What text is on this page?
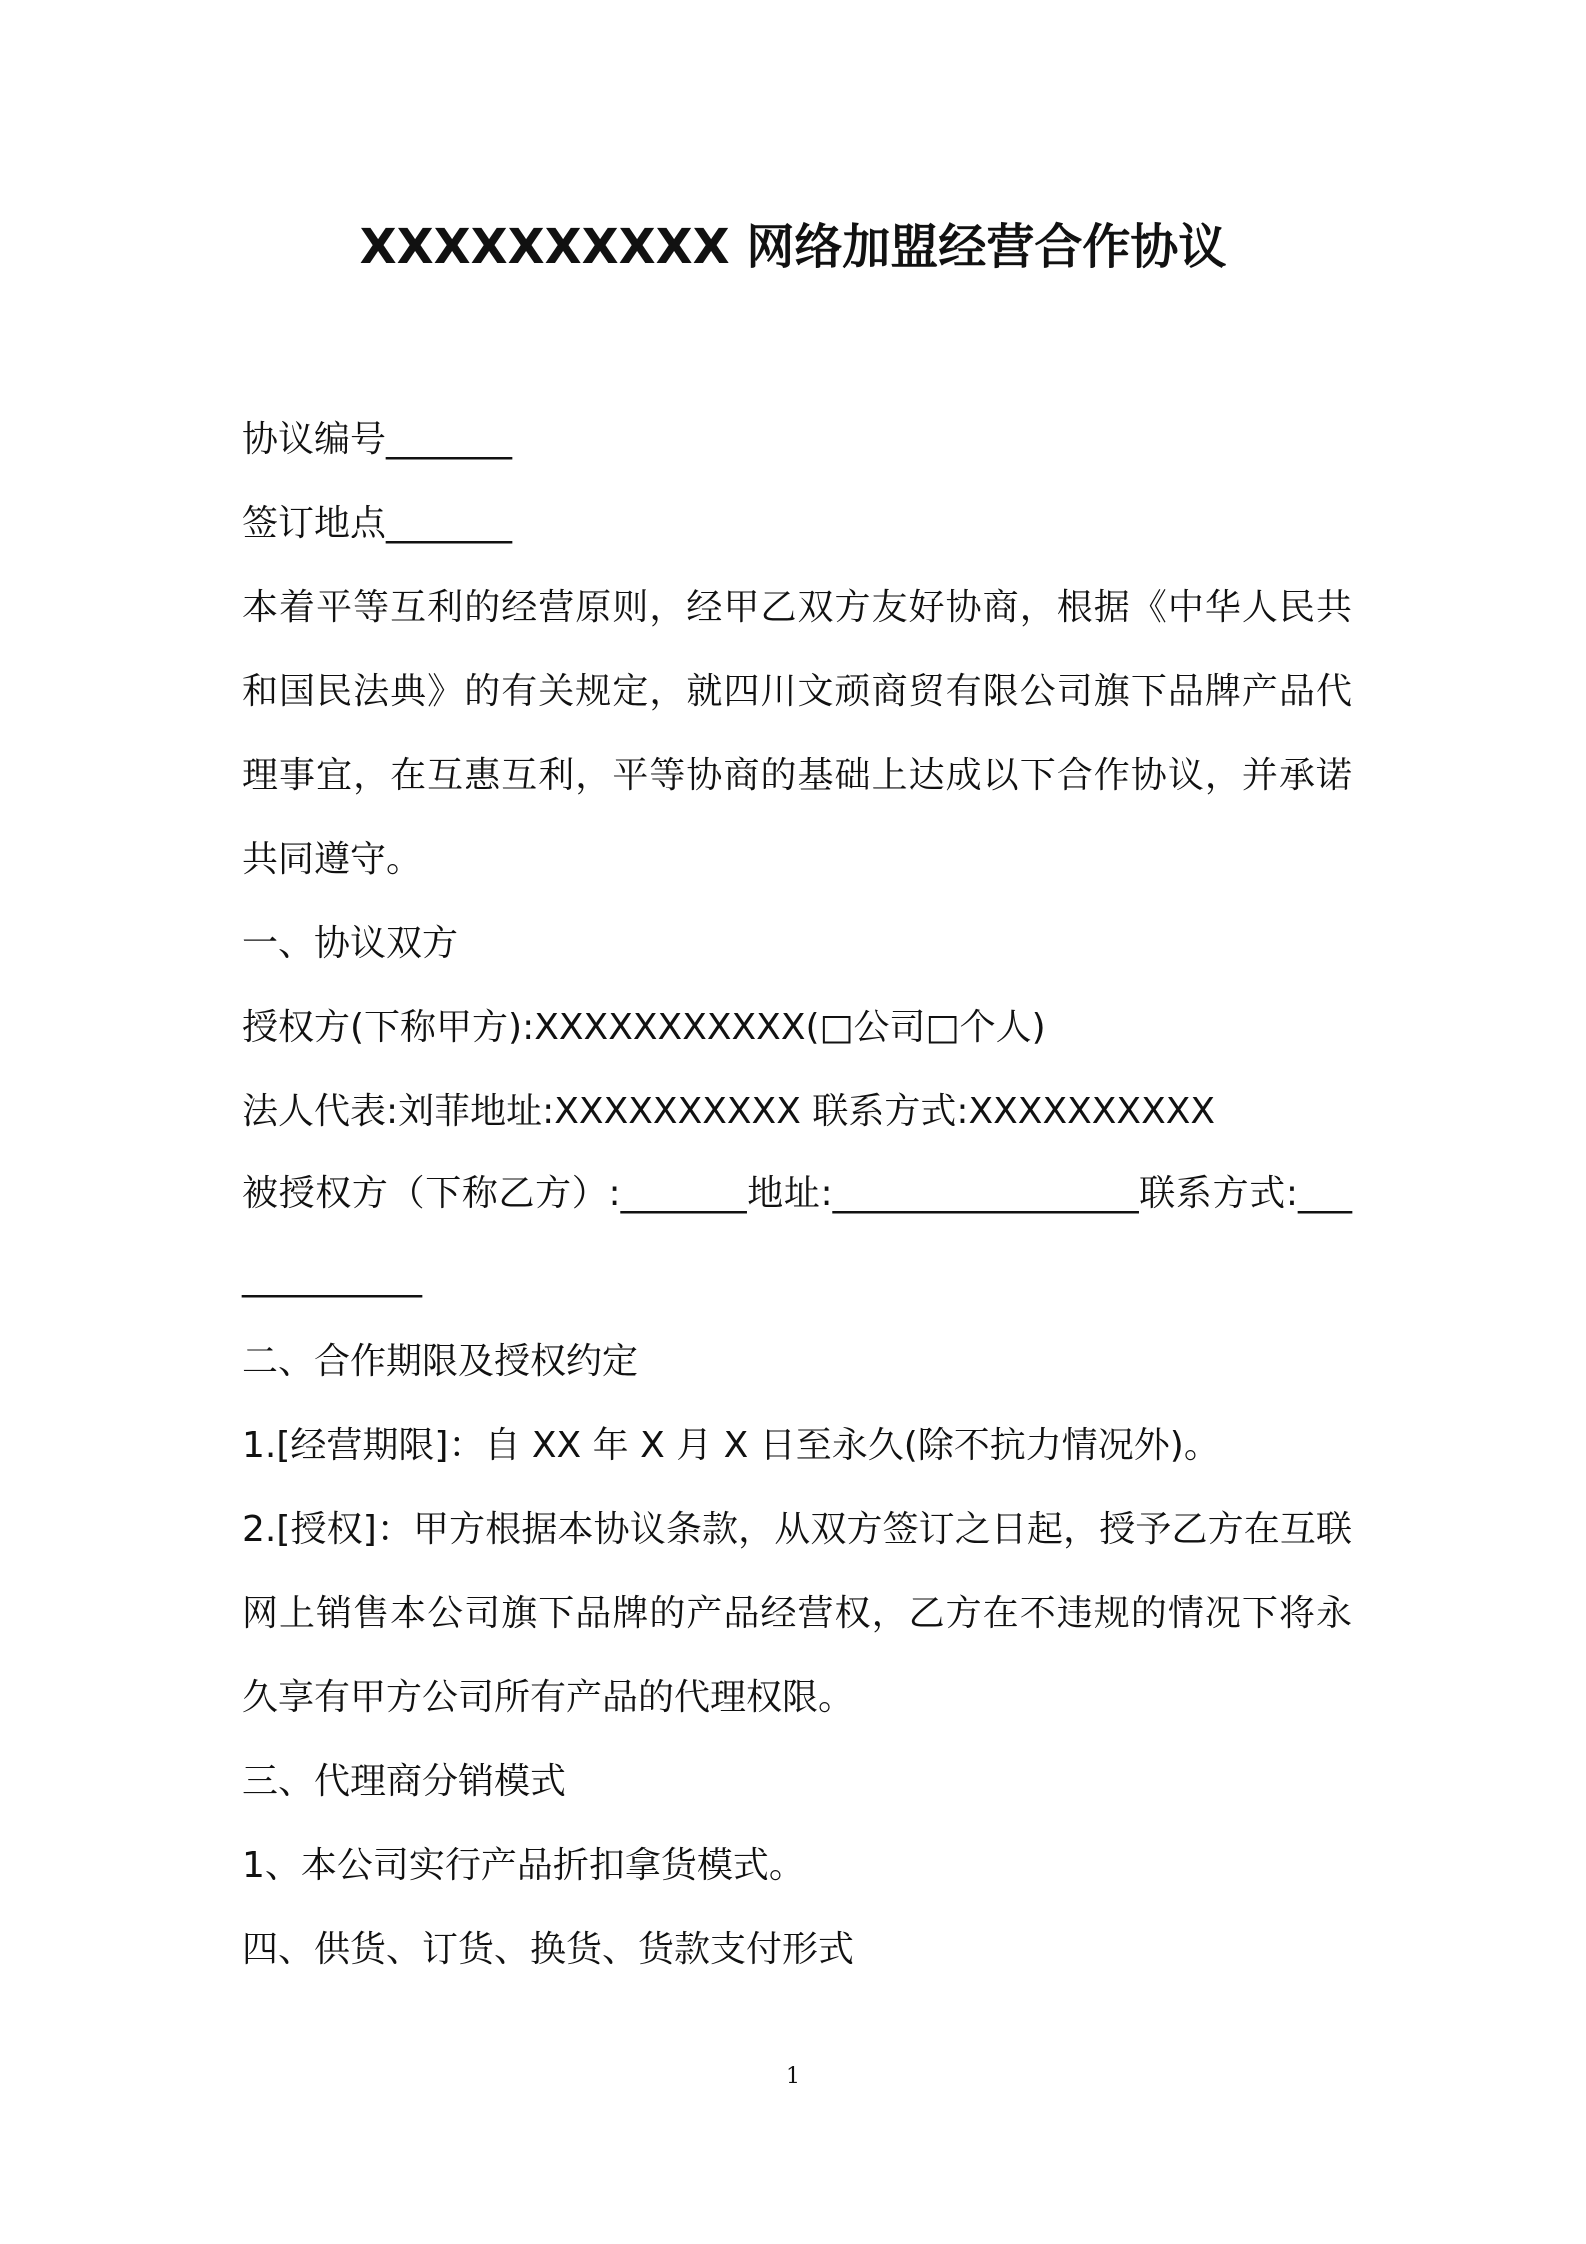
XXXXXXXXXX 网络加盟经营合作协议

协议编号_______

签订地点_______

本着平等互利的经营原则，经甲乙双方友好协商，根据《中华人民共和国民法典》的有关规定，就四川文顽商贸有限公司旗下品牌产品代理事宜，在互惠互利，平等协商的基础上达成以下合作协议，并承诺共同遵守。

一、协议双方

授权方(下称甲方):XXXXXXXXXXX(□公司□个人)

法人代表:刘菲地址:XXXXXXXXXX 联系方式:XXXXXXXXXX

被授权方（下称乙方）:_______地址:_________________联系方式:_____________

二、合作期限及授权约定

1.[经营期限]：自 XX 年 X 月 X 日至永久(除不抗力情况外)。

2.[授权]：甲方根据本协议条款，从双方签订之日起，授予乙方在互联网上销售本公司旗下品牌的产品经营权，乙方在不违规的情况下将永久享有甲方公司所有产品的代理权限。

三、代理商分销模式

1、本公司实行产品折扣拿货模式。

四、供货、订货、换货、货款支付形式

1
